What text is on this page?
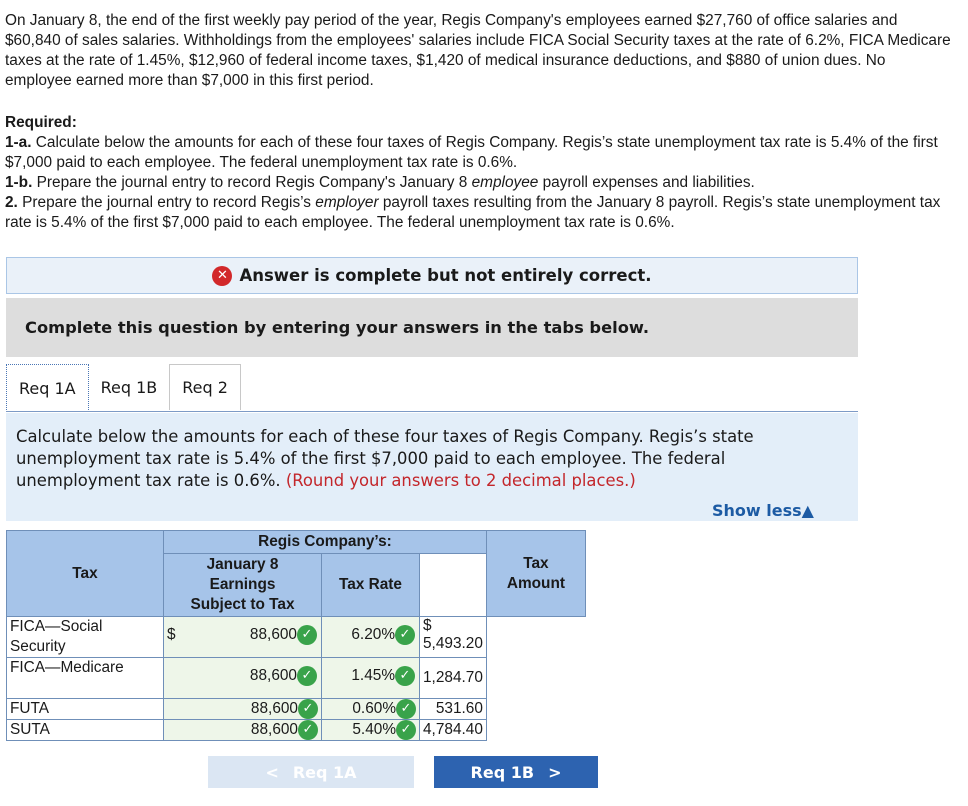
On January 8, the end of the first weekly pay period of the year, Regis Company's employees earned $27,760 of office salaries and $60,840 of sales salaries. Withholdings from the employees' salaries include FICA Social Security taxes at the rate of 6.2%, FICA Medicare taxes at the rate of 1.45%, $12,960 of federal income taxes, $1,420 of medical insurance deductions, and $880 of union dues. No employee earned more than $7,000 in this first period.

Required:

1-a. Calculate below the amounts for each of these four taxes of Regis Company. Regis’s state unemployment tax rate is 5.4% of the first $7,000 paid to each employee. The federal unemployment tax rate is 0.6%.

1-b. Prepare the journal entry to record Regis Company's January 8 employee payroll expenses and liabilities.

2. Prepare the journal entry to record Regis’s employer payroll taxes resulting from the January 8 payroll. Regis’s state unemployment tax rate is 5.4% of the first $7,000 paid to each employee. The federal unemployment tax rate is 0.6%.

✕ Answer is complete but not entirely correct.
Complete this question by entering your answers in the tabs below.
Req 1A	Req 1B	Req 2
Calculate below the amounts for each of these four taxes of Regis Company. Regis’s state unemployment tax rate is 5.4% of the first $7,000 paid to each employee. The federal unemployment tax rate is 0.6%. (Round your answers to 2 decimal places.)
Show less▲
Tax	Regis Company’s:			Tax
Amount
	January 8
Earnings
Subject to Tax	Tax Rate	
FICA—Social Security	$ 88,600 ✓	6.20% ✓	$
5,493.20	
FICA—Medicare	88,600 ✓	1.45% ✓	1,284.70	
FUTA	88,600 ✓	0.60% ✓	531.60	
SUTA	88,600 ✓	5.40% ✓	4,784.40	
< Req 1A	Req 1B >
